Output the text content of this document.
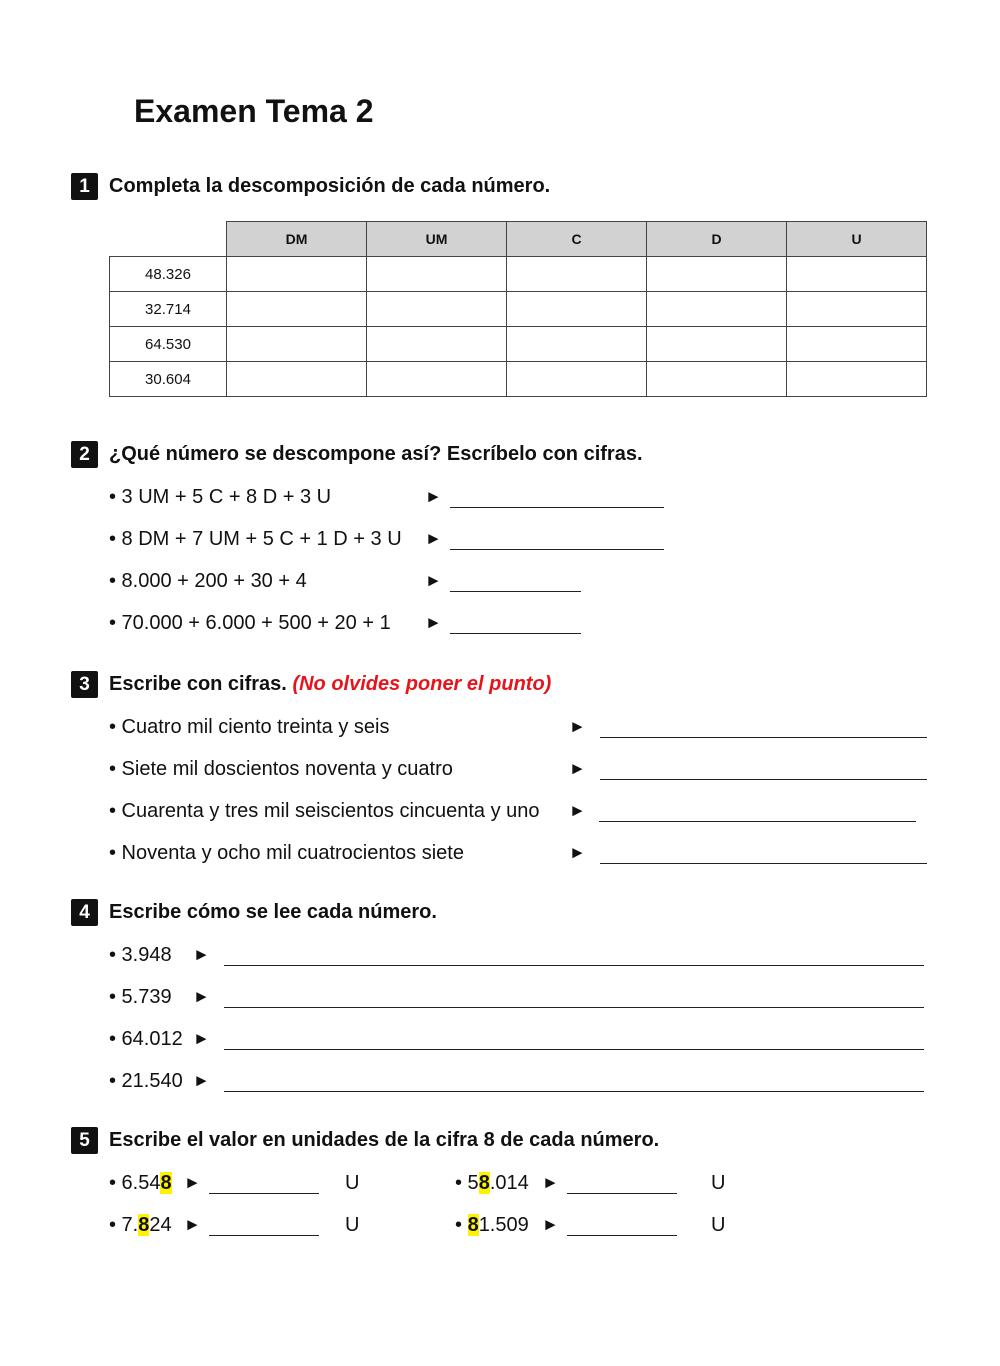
Examen Tema 2
1 Completa la descomposición de cada número.
	DM	UM	C	D	U
48.326					
32.714					
64.530					
30.604					
2 ¿Qué número se descompone así? Escríbelo con cifras.
• 3 UM + 5 C + 8 D + 3 U	►
• 8 DM + 7 UM + 5 C + 1 D + 3 U ►
• 8.000 + 200 + 30 + 4	►
• 70.000 + 6.000 + 500 + 20 + 1 ►
3 Escribe con cifras. (No olvides poner el punto)
• Cuatro mil ciento treinta y seis	►
• Siete mil doscientos noventa y cuatro	►
• Cuarenta y tres mil seiscientos cincuenta y uno ►
• Noventa y ocho mil cuatrocientos siete	►
4 Escribe cómo se lee cada número.
• 3.948 ►
• 5.739 ►
• 64.012 ►
• 21.540 ►
5 Escribe el valor en unidades de la cifra 8 de cada número.
• 6.548 ►	U	• 58.014 ►	U
• 7.824 ►	U	• 81.509 ►	U
